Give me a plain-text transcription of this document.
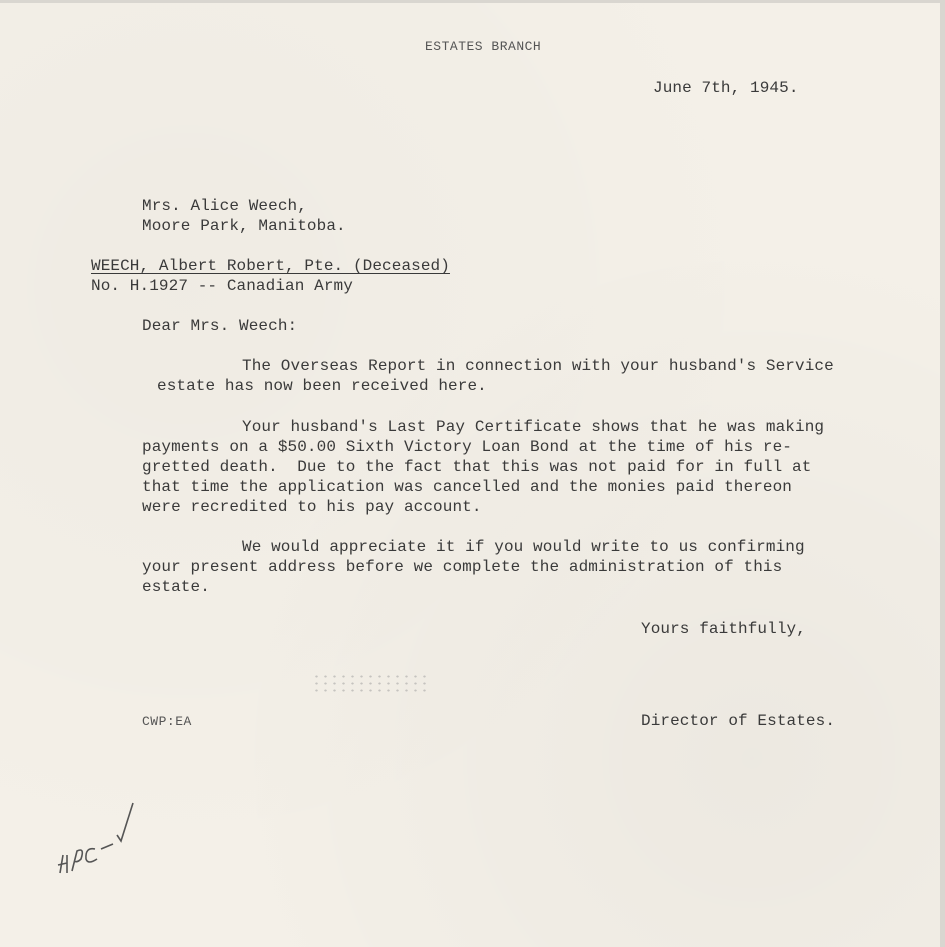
ESTATES BRANCH
June 7th, 1945.
Mrs. Alice Weech,
Moore Park, Manitoba.
WEECH, Albert Robert, Pte. (Deceased)
No. H.1927 -- Canadian Army
Dear Mrs. Weech:
The Overseas Report in connection with your husband's Service
estate has now been received here.
Your husband's Last Pay Certificate shows that he was making
payments on a $50.00 Sixth Victory Loan Bond at the time of his re-
gretted death.  Due to the fact that this was not paid for in full at
that time the application was cancelled and the monies paid thereon
were recredited to his pay account.
We would appreciate it if you would write to us confirming
your present address before we complete the administration of this
estate.
Yours faithfully,
CWP:EA	Director of Estates.
